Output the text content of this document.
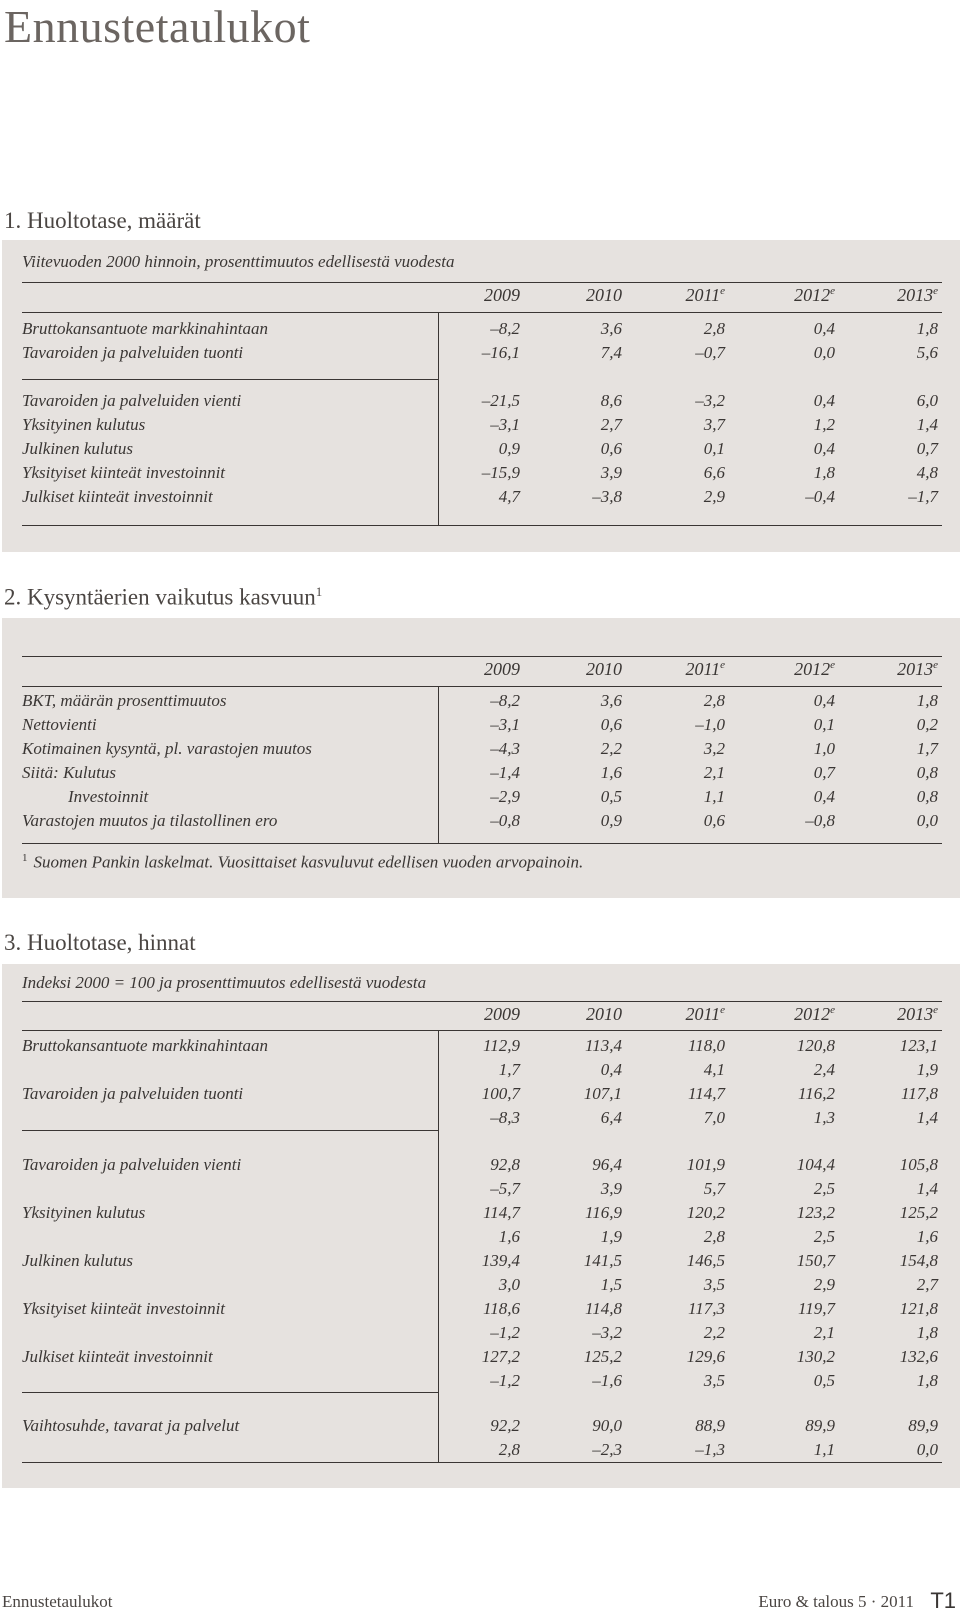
Ennustetaulukot
1. Huoltotase, määrät
Viitevuoden 2000 hinnoin, prosenttimuutos edellisestä vuodesta
2009	2010	2011e	2012e	2013e
Bruttokansantuote markkinahintaan	–8,2	3,6	2,8	0,4	1,8
Tavaroiden ja palveluiden tuonti	–16,1	7,4	–0,7	0,0	5,6
Tavaroiden ja palveluiden vienti	–21,5	8,6	–3,2	0,4	6,0
Yksityinen kulutus	–3,1	2,7	3,7	1,2	1,4
Julkinen kulutus	0,9	0,6	0,1	0,4	0,7
Yksityiset kiinteät investoinnit	–15,9	3,9	6,6	1,8	4,8
Julkiset kiinteät investoinnit	4,7	–3,8	2,9	–0,4	–1,7
2. Kysyntäerien vaikutus kasvuun$^1$
2009	2010	2011e	2012e	2013e
$^1$ Suomen Pankin laskelmat. Vuosittaiset kasvuluvut edellisen vuoden arvopainoin.
BKT, määrän prosenttimuutos	–8,2	3,6	2,8	0,4	1,8
Nettovienti	–3,1	0,6	–1,0	0,1	0,2
Kotimainen kysyntä, pl. varastojen muutos	–4,3	2,2	3,2	1,0	1,7
Siitä: Kulutus	–1,4	1,6	2,1	0,7	0,8
Investoinnit	–2,9	0,5	1,1	0,4	0,8
Varastojen muutos ja tilastollinen ero	–0,8	0,9	0,6	–0,8	0,0
3. Huoltotase, hinnat
Indeksi 2000 = 100 ja prosenttimuutos edellisestä vuodesta
2009	2010	2011e	2012e	2013e
Bruttokansantuote markkinahintaan	112,9	113,4	118,0	120,8	123,1
1,7	0,4	4,1	2,4	1,9
Tavaroiden ja palveluiden tuonti	100,7	107,1	114,7	116,2	117,8
–8,3	6,4	7,0	1,3	1,4
Tavaroiden ja palveluiden vienti	92,8	96,4	101,9	104,4	105,8
–5,7	3,9	5,7	2,5	1,4
Yksityinen kulutus	114,7	116,9	120,2	123,2	125,2
1,6	1,9	2,8	2,5	1,6
Julkinen kulutus	139,4	141,5	146,5	150,7	154,8
3,0	1,5	3,5	2,9	2,7
Yksityiset kiinteät investoinnit	118,6	114,8	117,3	119,7	121,8
–1,2	–3,2	2,2	2,1	1,8
Julkiset kiinteät investoinnit	127,2	125,2	129,6	130,2	132,6
–1,2	–1,6	3,5	0,5	1,8
Vaihtosuhde, tavarat ja palvelut	92,2	90,0	88,9	89,9	89,9
2,8	–2,3	–1,3	1,1	0,0
Ennustetaulukot	Euro & talous 5 · 2011 T1
